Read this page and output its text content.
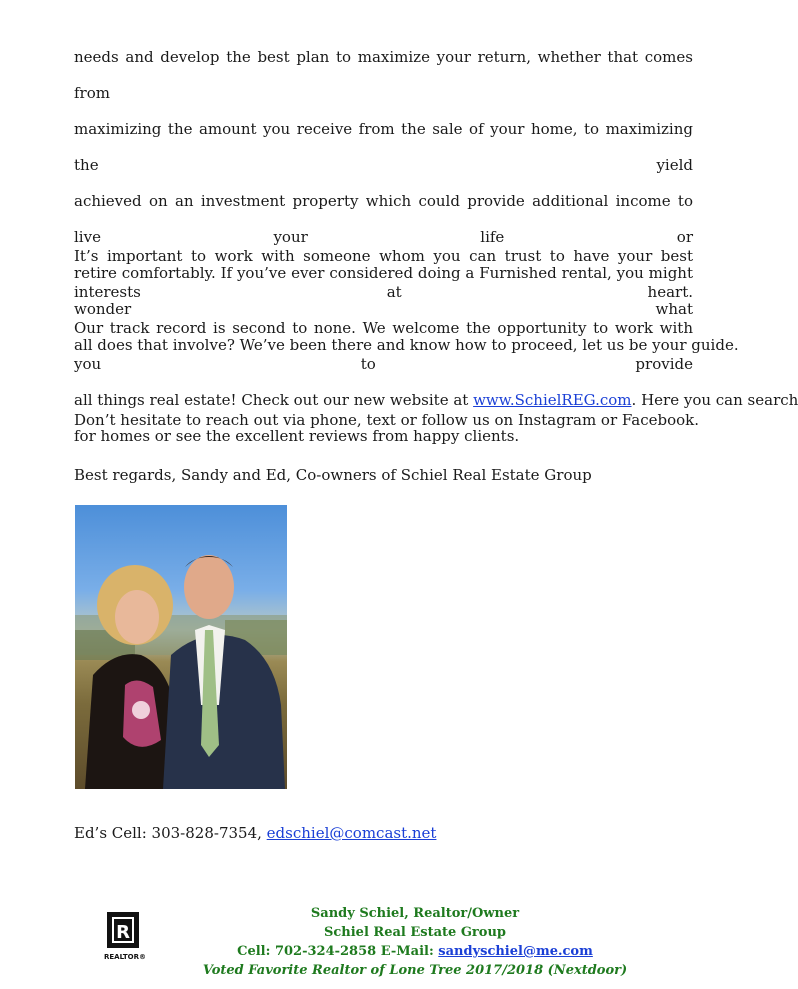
needs and develop the best plan to maximize your return, whether that comes from
maximizing the amount you receive from the sale of your home, to maximizing the yield
achieved on an investment property which could provide additional income to live your life or
retire comfortably. If you’ve ever considered doing a Furnished rental, you might wonder what
all does that involve? We’ve been there and know how to proceed, let us be your guide.
It’s important to work with someone whom you can trust to have your best interests at heart.
Our track record is second to none. We welcome the opportunity to work with you to provide
all things real estate! Check out our new website at www.SchielREG.com. Here you can search
for homes or see the excellent reviews from happy clients.
Don’t hesitate to reach out via phone, text or follow us on Instagram or Facebook.
Best regards, Sandy and Ed, Co-owners of Schiel Real Estate Group
Ed’s Cell: 303-828-7354, edschiel@comcast.net
R
REALTOR®
Sandy Schiel, Realtor/Owner
Schiel Real Estate Group
Cell: 702-324-2858 E-Mail: sandyschiel@me.com
Voted Favorite Realtor of Lone Tree 2017/2018 (Nextdoor)
